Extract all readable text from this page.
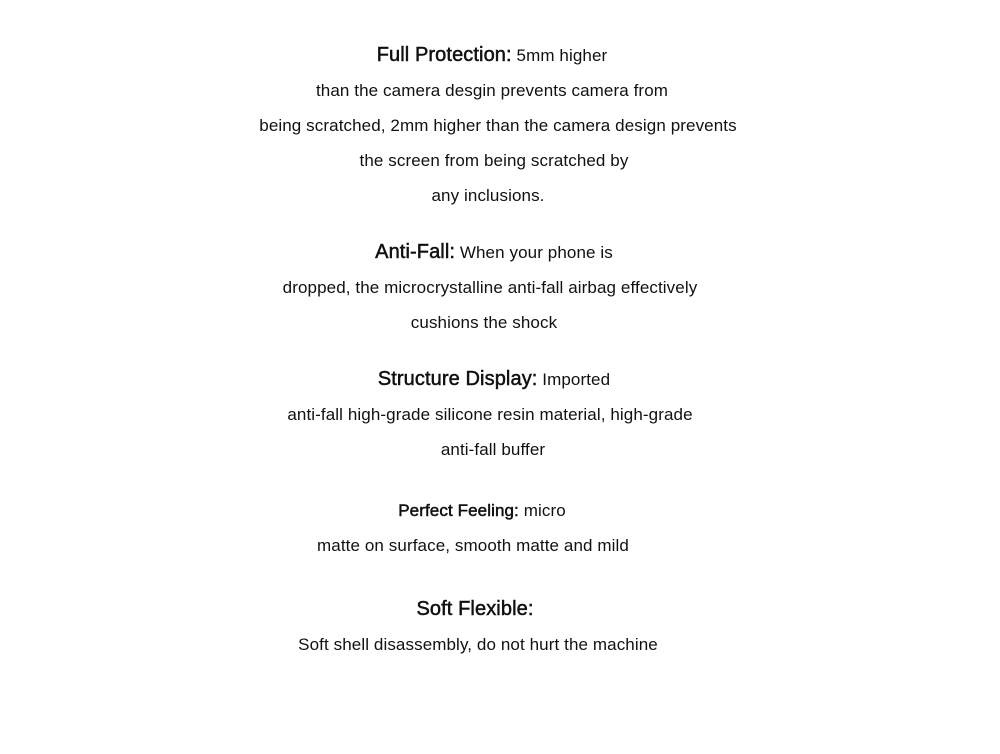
Full Protection: 5mm higher
than the camera desgin prevents camera from
being scratched, 2mm higher than the camera design prevents
the screen from being scratched by
any inclusions.
Anti-Fall: When your phone is
dropped, the microcrystalline anti-fall airbag effectively
cushions the shock
Structure Display: Imported
anti-fall high-grade silicone resin material, high-grade
anti-fall buffer
Perfect Feeling: micro
matte on surface, smooth matte and mild
Soft Flexible:
Soft shell disassembly, do not hurt the machine
